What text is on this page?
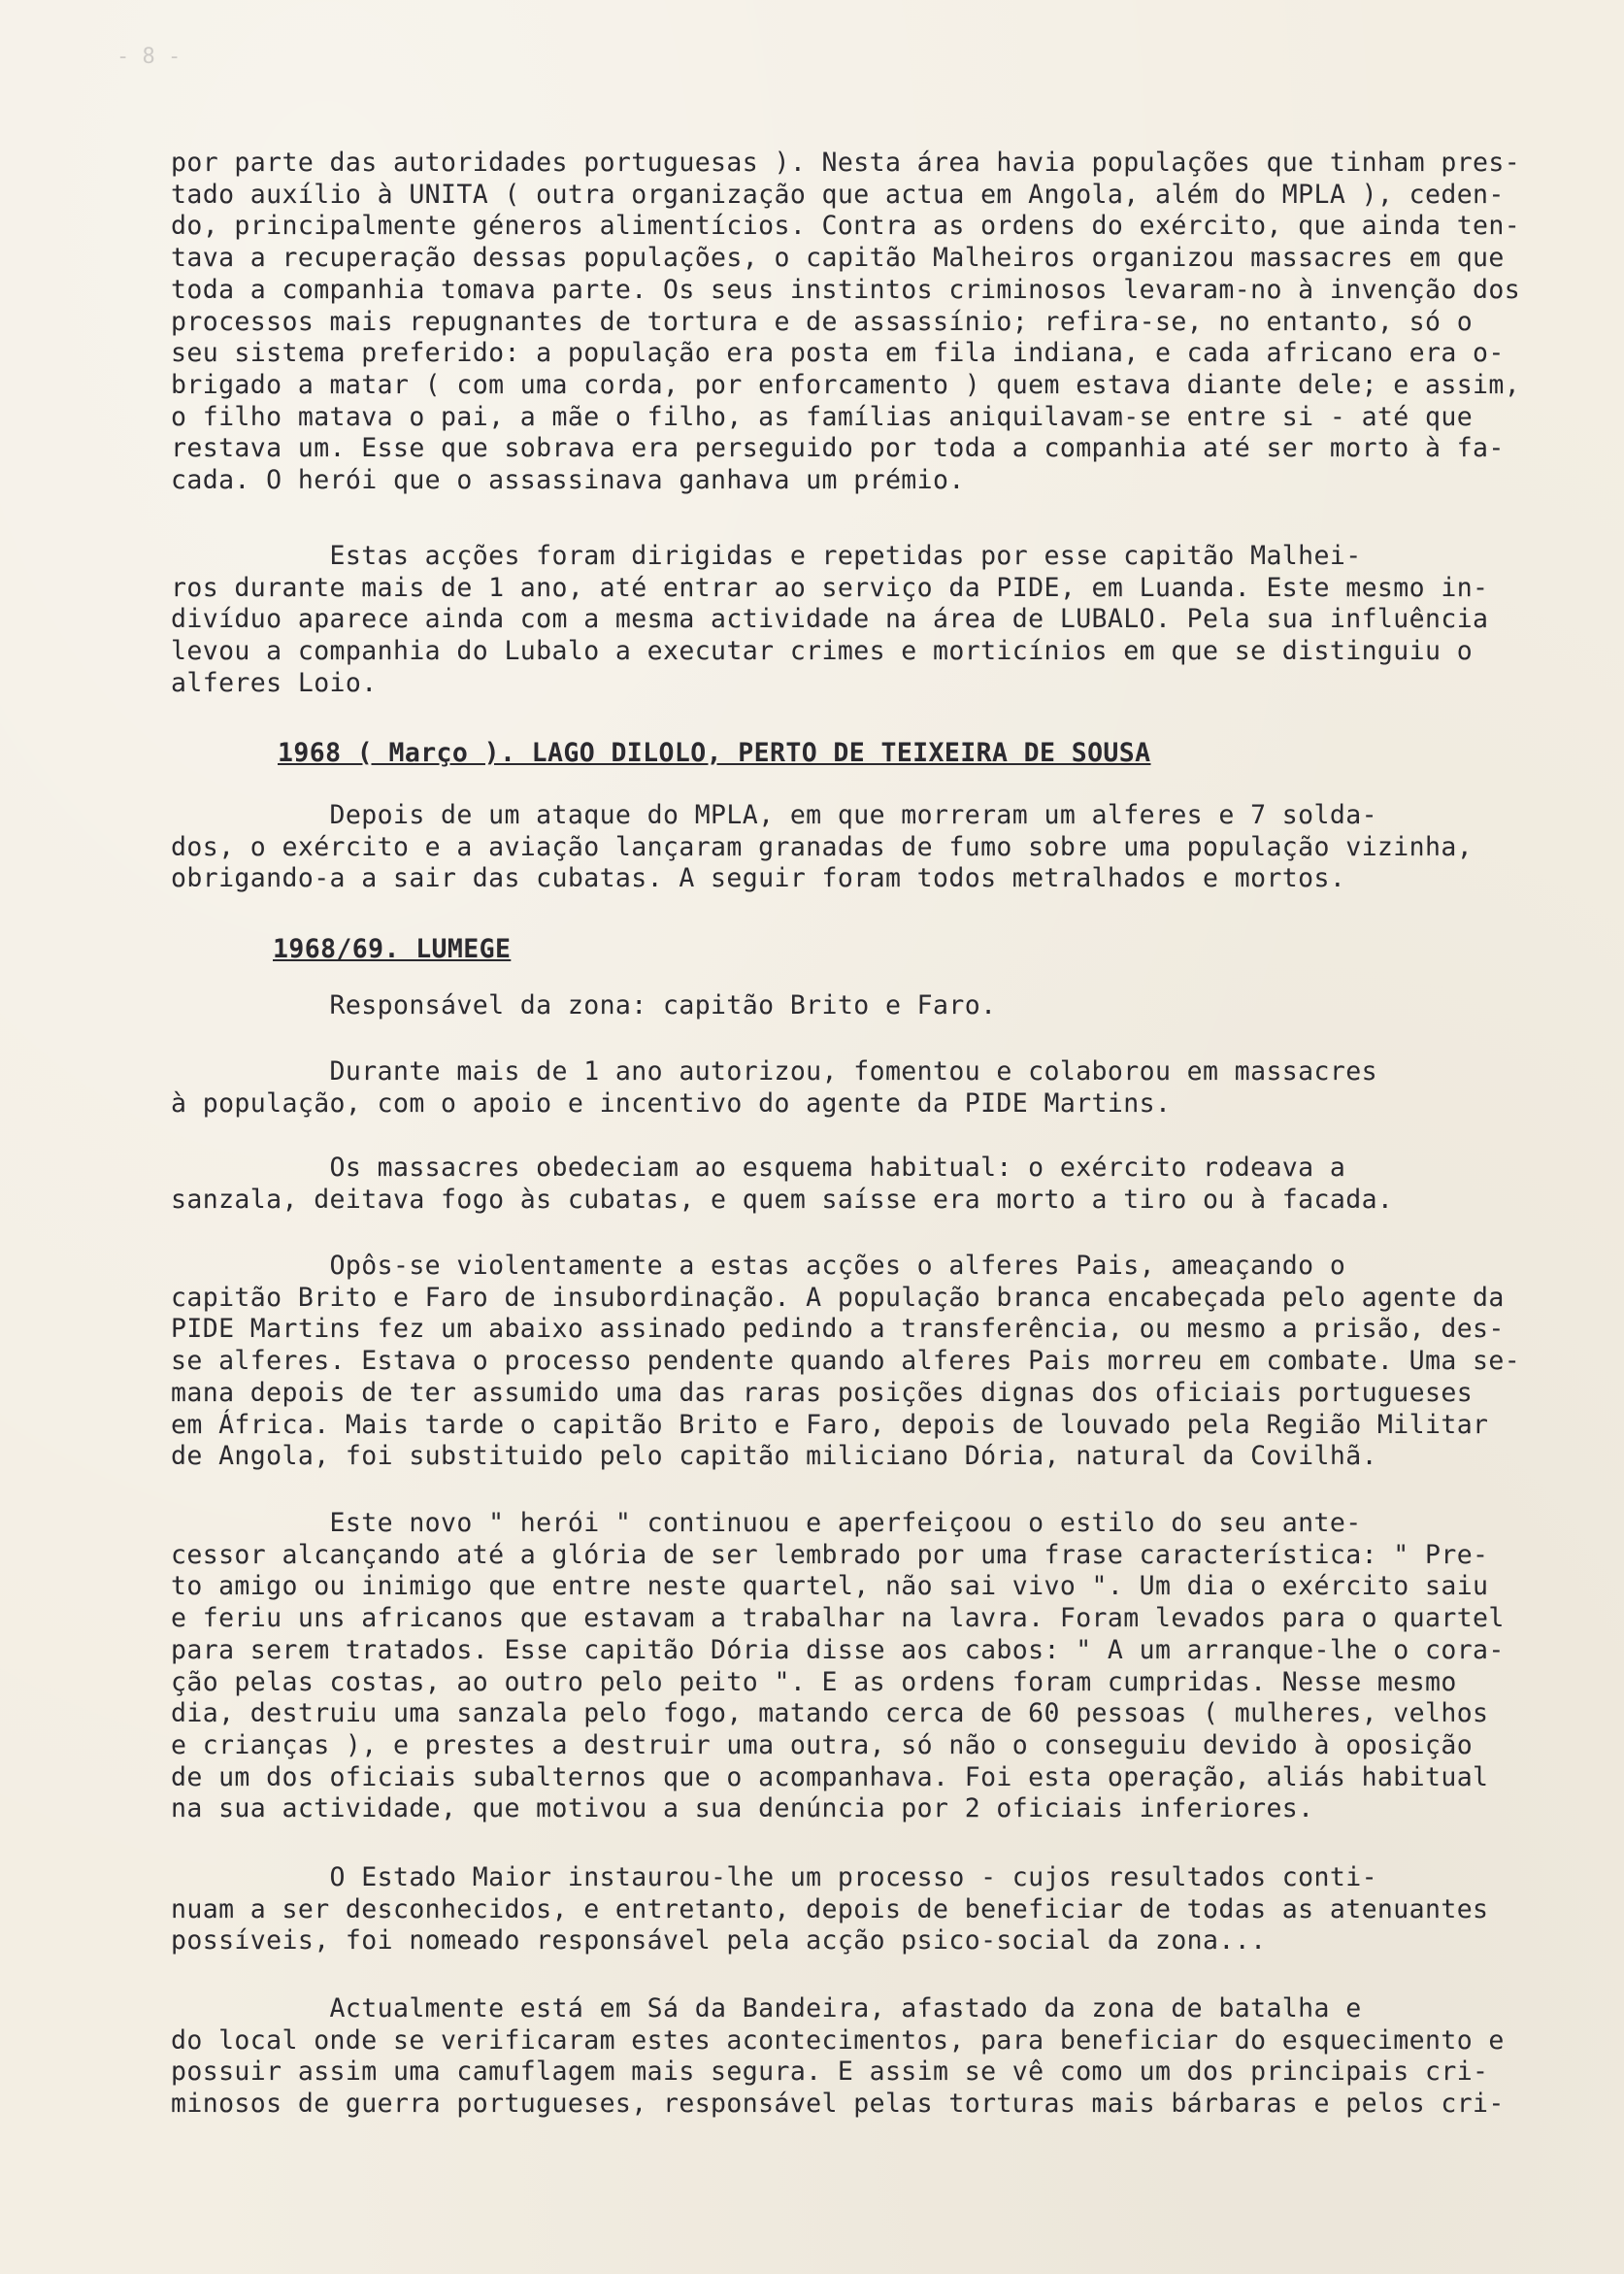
- 8 -
por parte das autoridades portuguesas ). Nesta área havia populações que tinham pres-
tado auxílio à UNITA ( outra organização que actua em Angola, além do MPLA ), ceden-
do, principalmente géneros alimentícios. Contra as ordens do exército, que ainda ten-
tava a recuperação dessas populações, o capitão Malheiros organizou massacres em que
toda a companhia tomava parte. Os seus instintos criminosos levaram-no à invenção dos
processos mais repugnantes de tortura e de assassínio; refira-se, no entanto, só o
seu sistema preferido: a população era posta em fila indiana, e cada africano era o-
brigado a matar ( com uma corda, por enforcamento ) quem estava diante dele; e assim,
o filho matava o pai, a mãe o filho, as famílias aniquilavam-se entre si - até que
restava um. Esse que sobrava era perseguido por toda a companhia até ser morto à fa-
cada. O herói que o assassinava ganhava um prémio.
Estas acções foram dirigidas e repetidas por esse capitão Malhei-
ros durante mais de 1 ano, até entrar ao serviço da PIDE, em Luanda. Este mesmo in-
divíduo aparece ainda com a mesma actividade na área de LUBALO. Pela sua influência
levou a companhia do Lubalo a executar crimes e morticínios em que se distinguiu o
alferes Loio.
1968 ( Março ). LAGO DILOLO, PERTO DE TEIXEIRA DE SOUSA
Depois de um ataque do MPLA, em que morreram um alferes e 7 solda-
dos, o exército e a aviação lançaram granadas de fumo sobre uma população vizinha,
obrigando-a a sair das cubatas. A seguir foram todos metralhados e mortos.
1968/69. LUMEGE
Responsável da zona: capitão Brito e Faro.
Durante mais de 1 ano autorizou, fomentou e colaborou em massacres
à população, com o apoio e incentivo do agente da PIDE Martins.
Os massacres obedeciam ao esquema habitual: o exército rodeava a
sanzala, deitava fogo às cubatas, e quem saísse era morto a tiro ou à facada.
Opôs-se violentamente a estas acções o alferes Pais, ameaçando o
capitão Brito e Faro de insubordinação. A população branca encabeçada pelo agente da
PIDE Martins fez um abaixo assinado pedindo a transferência, ou mesmo a prisão, des-
se alferes. Estava o processo pendente quando alferes Pais morreu em combate. Uma se-
mana depois de ter assumido uma das raras posições dignas dos oficiais portugueses
em África. Mais tarde o capitão Brito e Faro, depois de louvado pela Região Militar
de Angola, foi substituido pelo capitão miliciano Dória, natural da Covilhã.
Este novo " herói " continuou e aperfeiçoou o estilo do seu ante-
cessor alcançando até a glória de ser lembrado por uma frase característica: " Pre-
to amigo ou inimigo que entre neste quartel, não sai vivo ". Um dia o exército saiu
e feriu uns africanos que estavam a trabalhar na lavra. Foram levados para o quartel
para serem tratados. Esse capitão Dória disse aos cabos: " A um arranque-lhe o cora-
ção pelas costas, ao outro pelo peito ". E as ordens foram cumpridas. Nesse mesmo
dia, destruiu uma sanzala pelo fogo, matando cerca de 60 pessoas ( mulheres, velhos
e crianças ), e prestes a destruir uma outra, só não o conseguiu devido à oposição
de um dos oficiais subalternos que o acompanhava. Foi esta operação, aliás habitual
na sua actividade, que motivou a sua denúncia por 2 oficiais inferiores.
O Estado Maior instaurou-lhe um processo - cujos resultados conti-
nuam a ser desconhecidos, e entretanto, depois de beneficiar de todas as atenuantes
possíveis, foi nomeado responsável pela acção psico-social da zona...
Actualmente está em Sá da Bandeira, afastado da zona de batalha e
do local onde se verificaram estes acontecimentos, para beneficiar do esquecimento e
possuir assim uma camuflagem mais segura. E assim se vê como um dos principais cri-
minosos de guerra portugueses, responsável pelas torturas mais bárbaras e pelos cri-
